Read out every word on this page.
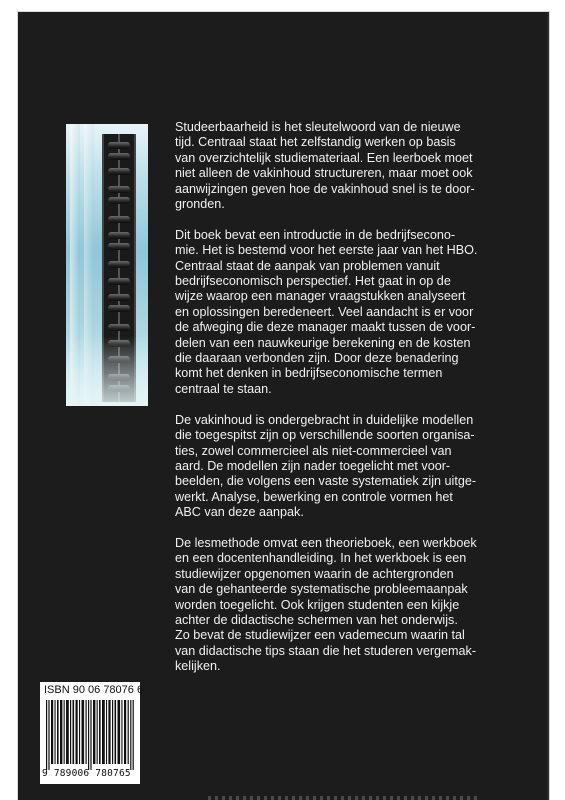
Studeerbaarheid is het sleutelwoord van de nieuwe
tijd. Centraal staat het zelfstandig werken op basis
van overzichtelijk studiemateriaal. Een leerboek moet
niet alleen de vakinhoud structureren, maar moet ook
aanwijzingen geven hoe de vakinhoud snel is te door-
gronden.

Dit boek bevat een introductie in de bedrijfsecono-
mie. Het is bestemd voor het eerste jaar van het HBO.
Centraal staat de aanpak van problemen vanuit
bedrijfseconomisch perspectief. Het gaat in op de
wijze waarop een manager vraagstukken analyseert
en oplossingen beredeneert. Veel aandacht is er voor
de afweging die deze manager maakt tussen de voor-
delen van een nauwkeurige berekening en de kosten
die daaraan verbonden zijn. Door deze benadering
komt het denken in bedrijfseconomische termen
centraal te staan.

De vakinhoud is ondergebracht in duidelijke modellen
die toegespitst zijn op verschillende soorten organisa-
ties, zowel commercieel als niet-commercieel van
aard. De modellen zijn nader toegelicht met voor-
beelden, die volgens een vaste systematiek zijn uitge-
werkt. Analyse, bewerking en controle vormen het
ABC van deze aanpak.

De lesmethode omvat een theorieboek, een werkboek
en een docentenhandleiding. In het werkboek is een
studiewijzer opgenomen waarin de achtergronden
van de gehanteerde systematische probleemaanpak
worden toegelicht. Ook krijgen studenten een kijkje
achter de didactische schermen van het onderwijs.
Zo bevat de studiewijzer een vademecum waarin tal
van didactische tips staan die het studeren vergemak-
kelijken.

ISBN 90 06 78076 6
9 789006 780765
